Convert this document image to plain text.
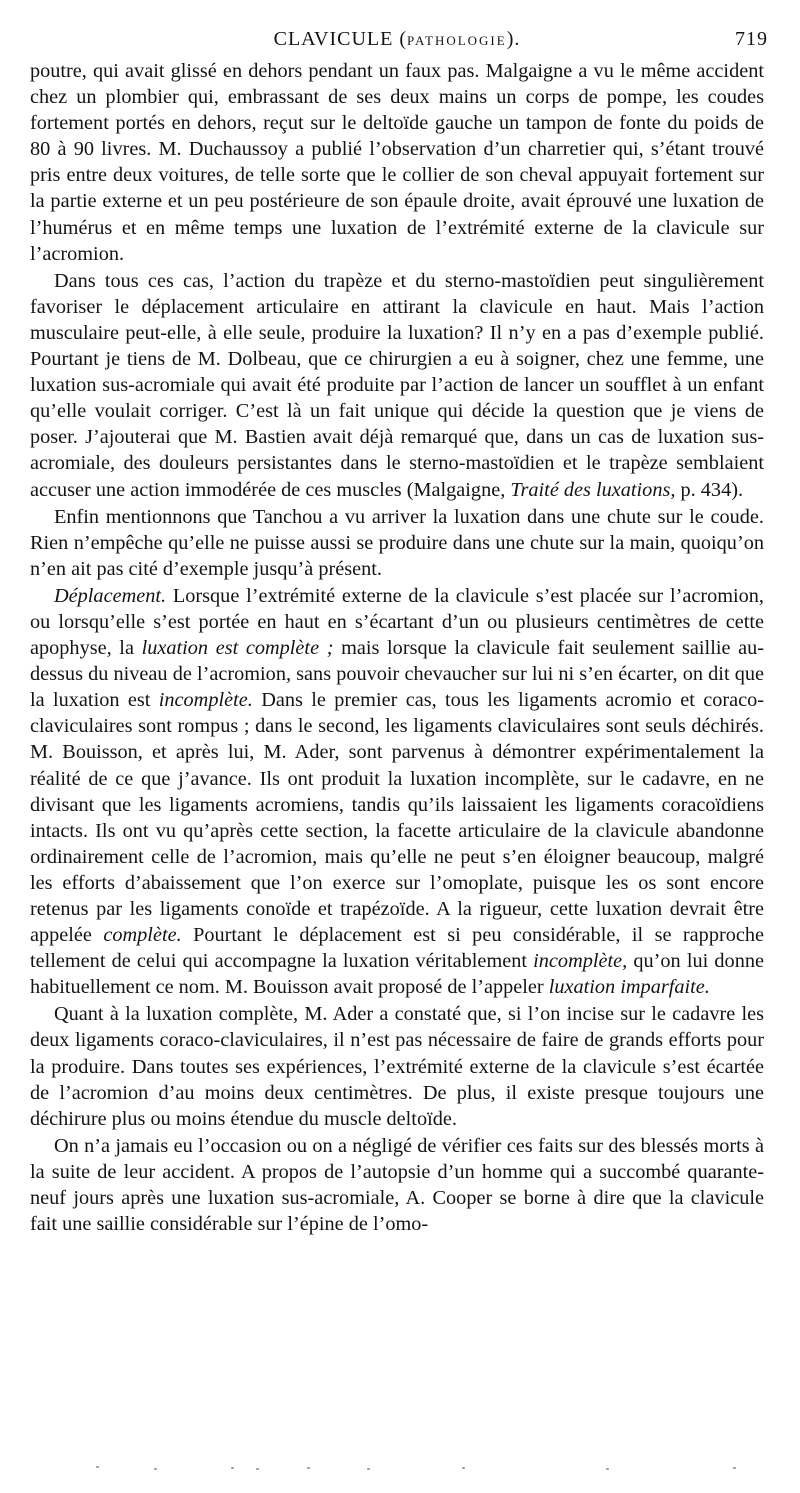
CLAVICULE (PATHOLOGIE).	719

poutre, qui avait glissé en dehors pendant un faux pas. Malgaigne a vu le même accident chez un plombier qui, embrassant de ses deux mains un corps de pompe, les coudes fortement portés en dehors, reçut sur le deltoïde gauche un tampon de fonte du poids de 80 à 90 livres. M. Duchaussoy a publié l’observation d’un charretier qui, s’étant trouvé pris entre deux voitures, de telle sorte que le collier de son cheval appuyait fortement sur la partie externe et un peu postérieure de son épaule droite, avait éprouvé une luxation de l’humérus et en même temps une luxation de l’extrémité externe de la clavicule sur l’acromion.

Dans tous ces cas, l’action du trapèze et du sterno-mastoïdien peut singulièrement favoriser le déplacement articulaire en attirant la clavicule en haut. Mais l’action musculaire peut-elle, à elle seule, produire la luxation? Il n’y en a pas d’exemple publié. Pourtant je tiens de M. Dolbeau, que ce chirurgien a eu à soigner, chez une femme, une luxation sus-acromiale qui avait été produite par l’action de lancer un soufflet à un enfant qu’elle voulait corriger. C’est là un fait unique qui décide la question que je viens de poser. J’ajouterai que M. Bastien avait déjà remarqué que, dans un cas de luxation sus-acromiale, des douleurs persistantes dans le sterno-mastoïdien et le trapèze semblaient accuser une action immodérée de ces muscles (Malgaigne, Traité des luxations, p. 434).

Enfin mentionnons que Tanchou a vu arriver la luxation dans une chute sur le coude. Rien n’empêche qu’elle ne puisse aussi se produire dans une chute sur la main, quoiqu’on n’en ait pas cité d’exemple jusqu’à présent.

Déplacement. Lorsque l’extrémité externe de la clavicule s’est placée sur l’acromion, ou lorsqu’elle s’est portée en haut en s’écartant d’un ou plusieurs centimètres de cette apophyse, la luxation est complète ; mais lorsque la clavicule fait seulement saillie au-dessus du niveau de l’acromion, sans pouvoir chevaucher sur lui ni s’en écarter, on dit que la luxation est incomplète. Dans le premier cas, tous les ligaments acromio et coraco-claviculaires sont rompus ; dans le second, les ligaments claviculaires sont seuls déchirés. M. Bouisson, et après lui, M. Ader, sont parvenus à démontrer expérimentalement la réalité de ce que j’avance. Ils ont produit la luxation incomplète, sur le cadavre, en ne divisant que les ligaments acromiens, tandis qu’ils laissaient les ligaments coracoïdiens intacts. Ils ont vu qu’après cette section, la facette articulaire de la clavicule abandonne ordinairement celle de l’acromion, mais qu’elle ne peut s’en éloigner beaucoup, malgré les efforts d’abaissement que l’on exerce sur l’omoplate, puisque les os sont encore retenus par les ligaments conoïde et trapézoïde. A la rigueur, cette luxation devrait être appelée complète. Pourtant le déplacement est si peu considérable, il se rapproche tellement de celui qui accompagne la luxation véritablement incomplète, qu’on lui donne habituellement ce nom. M. Bouisson avait proposé de l’appeler luxation imparfaite.

Quant à la luxation complète, M. Ader a constaté que, si l’on incise sur le cadavre les deux ligaments coraco-claviculaires, il n’est pas nécessaire de faire de grands efforts pour la produire. Dans toutes ses expériences, l’extrémité externe de la clavicule s’est écartée de l’acromion d’au moins deux centimètres. De plus, il existe presque toujours une déchirure plus ou moins étendue du muscle deltoïde.

On n’a jamais eu l’occasion ou on a négligé de vérifier ces faits sur des blessés morts à la suite de leur accident. A propos de l’autopsie d’un homme qui a succombé quarante-neuf jours après une luxation sus-acromiale, A. Cooper se borne à dire que la clavicule fait une saillie considérable sur l’épine de l’omo-
